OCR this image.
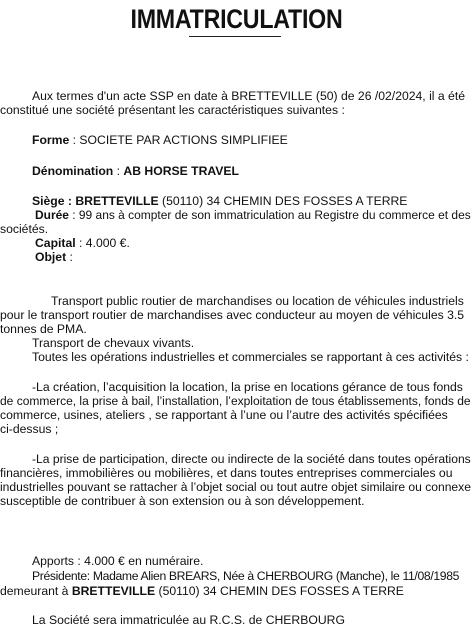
IMMATRICULATION
Aux termes d'un acte SSP en date à BRETTEVILLE (50) de 26 /02/2024, il a été
constitué une société présentant les caractéristiques suivantes :
Forme : SOCIETE PAR ACTIONS SIMPLIFIEE
Dénomination : AB HORSE TRAVEL
Siège : BRETTEVILLE (50110) 34 CHEMIN DES FOSSES A TERRE
Durée : 99 ans à compter de son immatriculation au Registre du commerce et des
sociétés.
Capital : 4.000 €.
Objet :
Transport public routier de marchandises ou location de véhicules industriels
pour le transport routier de marchandises avec conducteur au moyen de véhicules 3.5
tonnes de PMA.
Transport de chevaux vivants.
Toutes les opérations industrielles et commerciales se rapportant à ces activités :
-La création, l’acquisition la location, la prise en locations gérance de tous fonds
de commerce, la prise à bail, l’installation, l’exploitation de tous établissements, fonds de
commerce, usines, ateliers , se rapportant à l’une ou l’autre des activités spécifiées
ci-dessus ;
-La prise de participation, directe ou indirecte de la société dans toutes opérations
financières, immobilières ou mobilières, et dans toutes entreprises commerciales ou
industrielles pouvant se rattacher à l’objet social ou tout autre objet similaire ou connexe
susceptible de contribuer à son extension ou à son développement.
Apports : 4.000 € en numéraire.
Présidente: Madame Alien BREARS, Née à CHERBOURG (Manche), le 11/08/1985
demeurant à BRETTEVILLE (50110) 34 CHEMIN DES FOSSES A TERRE
La Société sera immatriculée au R.C.S. de CHERBOURG
